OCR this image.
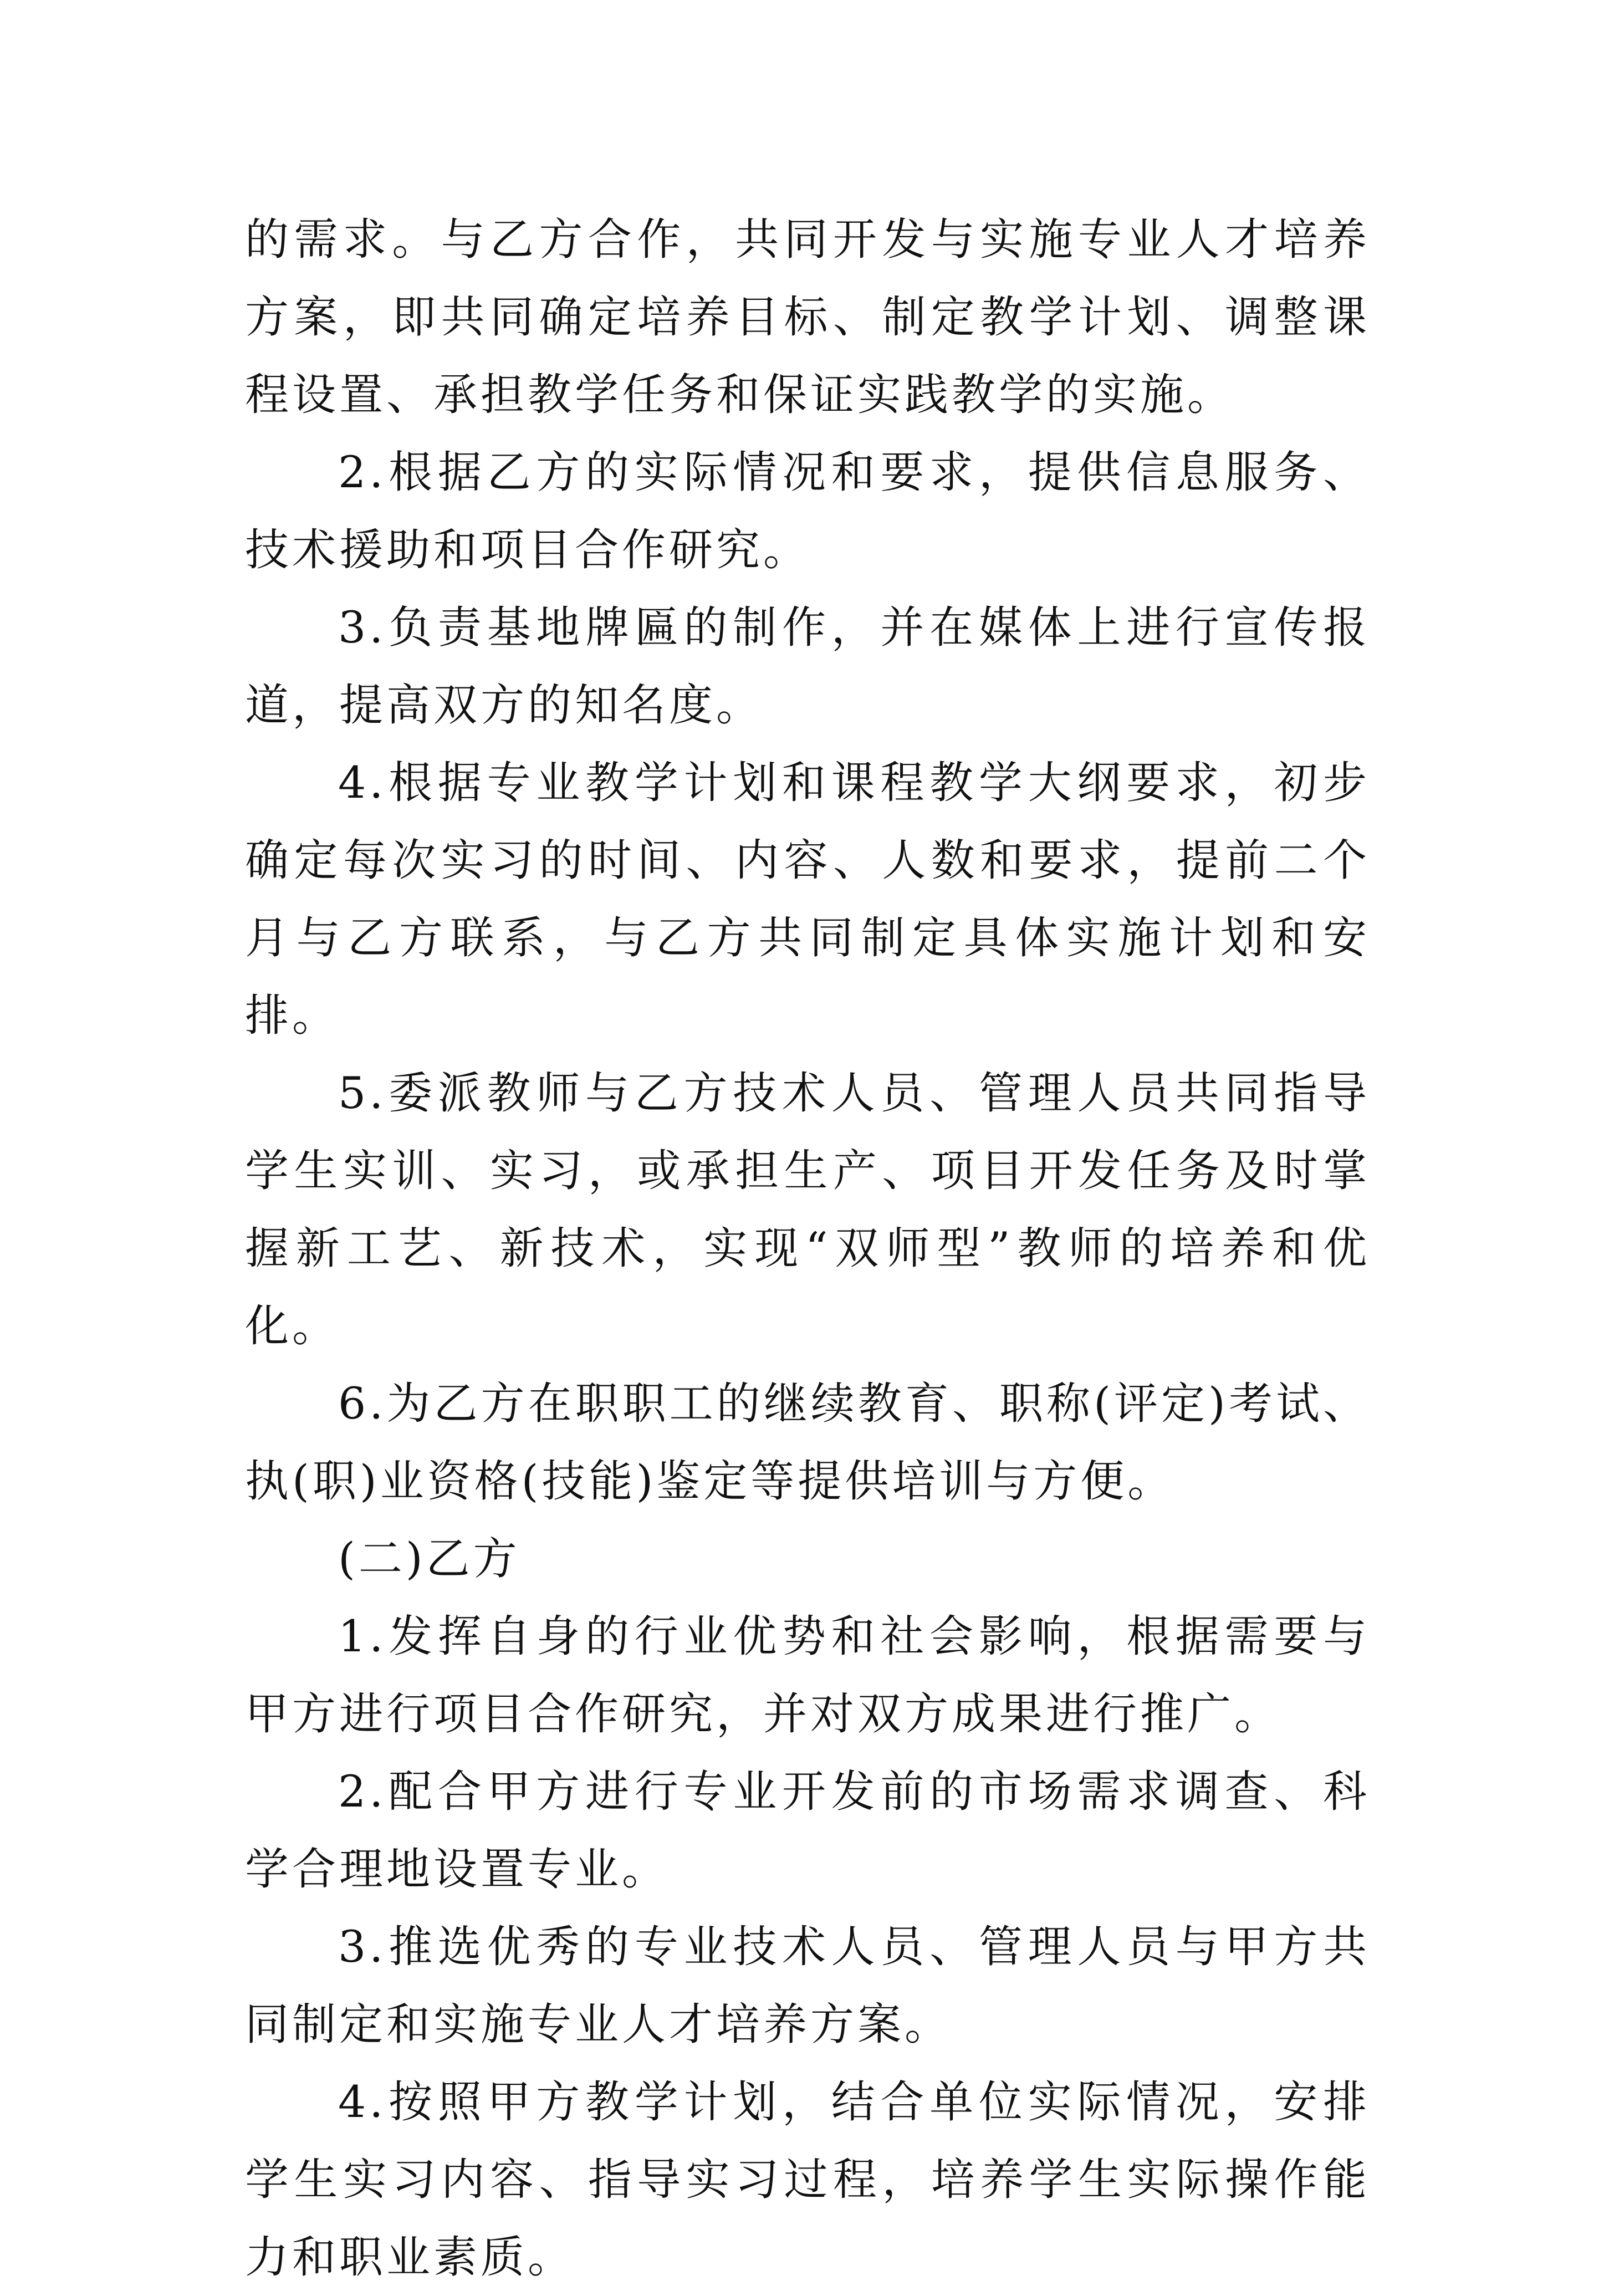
的需求。与乙方合作，共同开发与实施专业人才培养方案，即共同确定培养目标、制定教学计划、调整课程设置、承担教学任务和保证实践教学的实施。

2.根据乙方的实际情况和要求，提供信息服务、技术援助和项目合作研究。

3.负责基地牌匾的制作，并在媒体上进行宣传报道，提高双方的知名度。

4.根据专业教学计划和课程教学大纲要求，初步确定每次实习的时间、内容、人数和要求，提前二个月与乙方联系，与乙方共同制定具体实施计划和安排。

5.委派教师与乙方技术人员、管理人员共同指导学生实训、实习，或承担生产、项目开发任务及时掌握新工艺、新技术，实现“双师型”教师的培养和优化。

6.为乙方在职职工的继续教育、职称(评定)考试、执(职)业资格(技能)鉴定等提供培训与方便。

(二)乙方

1.发挥自身的行业优势和社会影响，根据需要与甲方进行项目合作研究，并对双方成果进行推广。

2.配合甲方进行专业开发前的市场需求调查、科学合理地设置专业。

3.推选优秀的专业技术人员、管理人员与甲方共同制定和实施专业人才培养方案。

4.按照甲方教学计划，结合单位实际情况，安排学生实习内容、指导实习过程，培养学生实际操作能力和职业素质。
